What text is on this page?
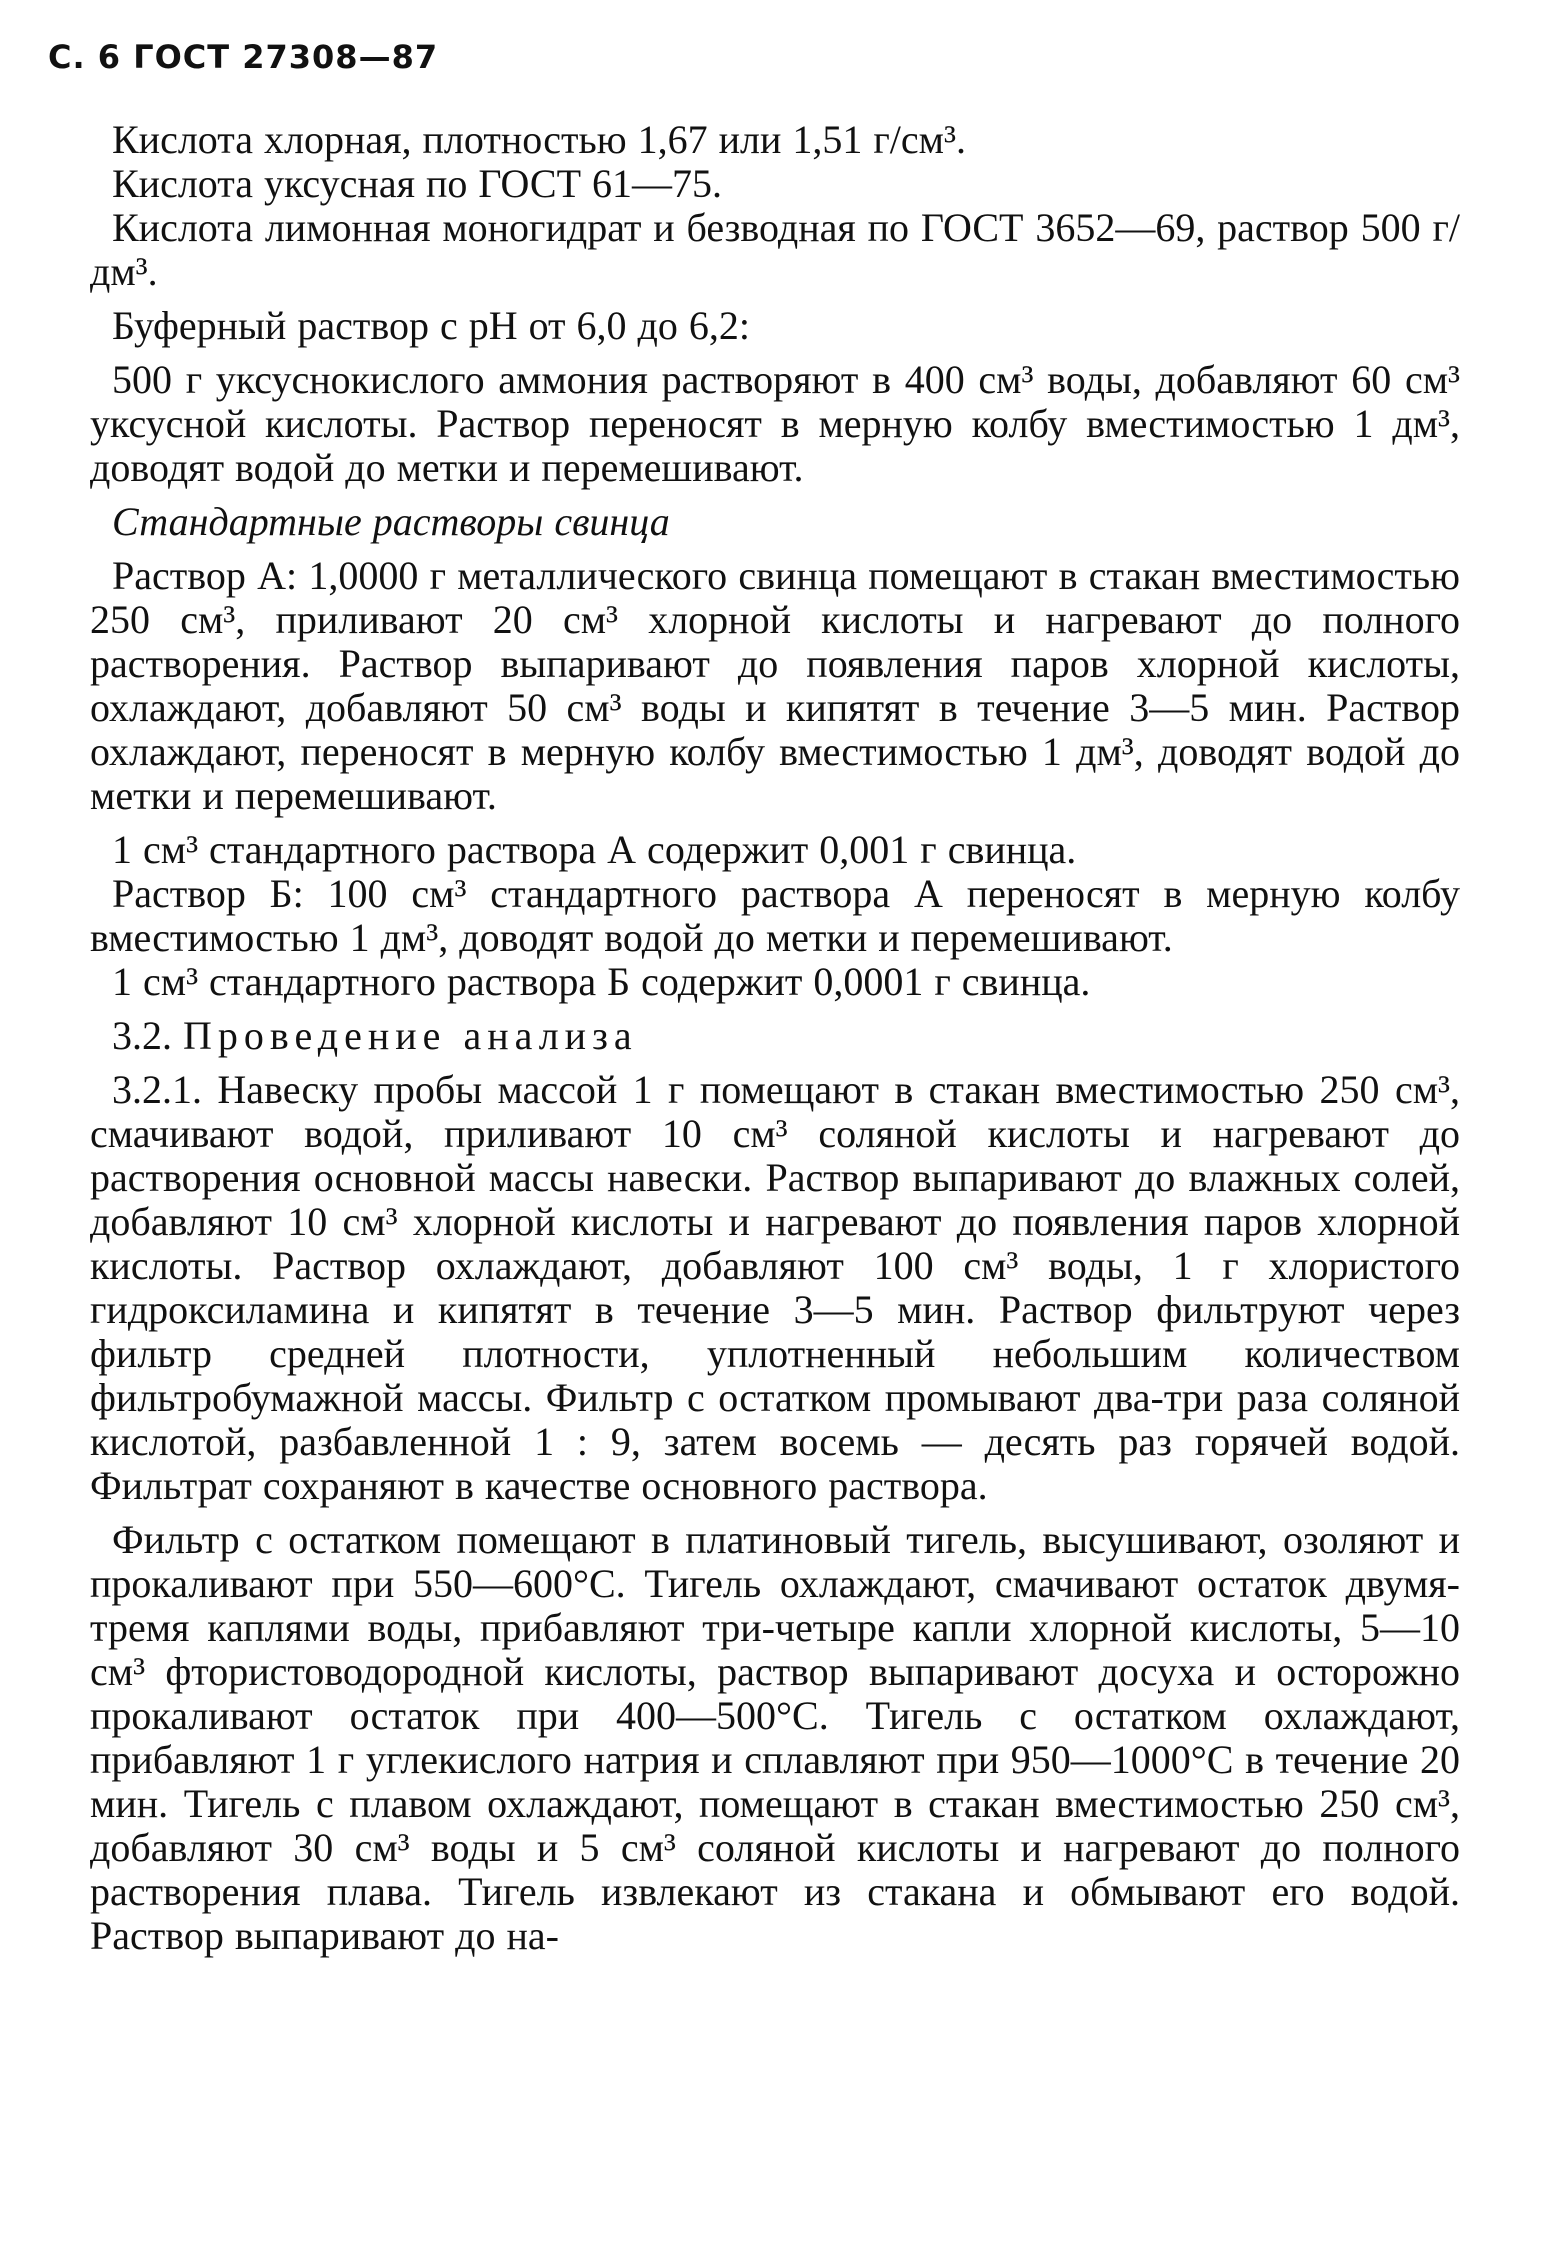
С. 6 ГОСТ 27308—87

Кислота хлорная, плотностью 1,67 или 1,51 г/см³.

Кислота уксусная по ГОСТ 61—75.

Кислота лимонная моногидрат и безводная по ГОСТ 3652—69, раствор 500 г/дм³.

Буферный раствор с pH от 6,0 до 6,2:

500 г уксуснокислого аммония растворяют в 400 см³ воды, добавляют 60 см³ уксусной кислоты. Раствор переносят в мерную колбу вместимостью 1 дм³, доводят водой до метки и перемешивают.

Стандартные растворы свинца

Раствор А: 1,0000 г металлического свинца помещают в стакан вместимостью 250 см³, приливают 20 см³ хлорной кислоты и нагревают до полного растворения. Раствор выпаривают до появления паров хлорной кислоты, охлаждают, добавляют 50 см³ воды и кипятят в течение 3—5 мин. Раствор охлаждают, переносят в мерную колбу вместимостью 1 дм³, доводят водой до метки и перемешивают.

1 см³ стандартного раствора А содержит 0,001 г свинца.

Раствор Б: 100 см³ стандартного раствора А переносят в мерную колбу вместимостью 1 дм³, доводят водой до метки и перемешивают.

1 см³ стандартного раствора Б содержит 0,0001 г свинца.

3.2. Проведение анализа

3.2.1. Навеску пробы массой 1 г помещают в стакан вместимостью 250 см³, смачивают водой, приливают 10 см³ соляной кислоты и нагревают до растворения основной массы навески. Раствор выпаривают до влажных солей, добавляют 10 см³ хлорной кислоты и нагревают до появления паров хлорной кислоты. Раствор охлаждают, добавляют 100 см³ воды, 1 г хлористого гидроксиламина и кипятят в течение 3—5 мин. Раствор фильтруют через фильтр средней плотности, уплотненный небольшим количеством фильтробумажной массы. Фильтр с остатком промывают два-три раза соляной кислотой, разбавленной 1 : 9, затем восемь — десять раз горячей водой. Фильтрат сохраняют в качестве основного раствора.

Фильтр с остатком помещают в платиновый тигель, высушивают, озоляют и прокаливают при 550—600°С. Тигель охлаждают, смачивают остаток двумя-тремя каплями воды, прибавляют три-четыре капли хлорной кислоты, 5—10 см³ фтористоводородной кислоты, раствор выпаривают досуха и осторожно прокаливают остаток при 400—500°С. Тигель с остатком охлаждают, прибавляют 1 г углекислого натрия и сплавляют при 950—1000°С в течение 20 мин. Тигель с плавом охлаждают, помещают в стакан вместимостью 250 см³, добавляют 30 см³ воды и 5 см³ соляной кислоты и нагревают до полного растворения плава. Тигель извлекают из стакана и обмывают его водой. Раствор выпаривают до на-
